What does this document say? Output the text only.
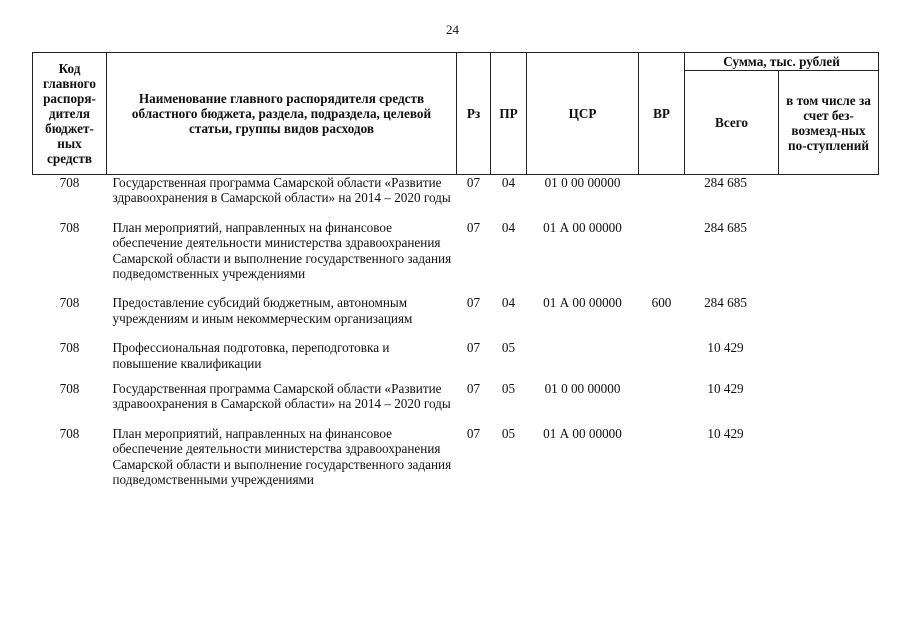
24
Код главного распоря-дителя бюджет-ных средств	Наименование главного распорядителя средств областного бюджета, раздела, подраздела, целевой статьи, группы видов расходов	Рз	ПР	ЦСР	ВР	Сумма, тыс. рублей	
						Всего	в том числе за счет без-возмезд-ных по-ступлений
708	Государственная программа Самарской области «Развитие здравоохранения в Самарской области» на 2014 – 2020 годы	07	04	01 0 00 00000		284 685	
708	План мероприятий, направленных на финансовое обеспечение деятельности министерства здравоохранения Самарской области и выполнение государственного задания подведомственных учреждениями	07	04	01 А 00 00000		284 685	
708	Предоставление субсидий бюджетным, автономным учреждениям и иным некоммерческим организациям	07	04	01 А 00 00000	600	284 685	
708	Профессиональная подготовка, переподготовка и повышение квалификации	07	05			10 429	
708	Государственная программа Самарской области «Развитие здравоохранения в Самарской области» на 2014 – 2020 годы	07	05	01 0 00 00000		10 429	
708	План мероприятий, направленных на финансовое обеспечение деятельности министерства здравоохранения Самарской области и выполнение государственного задания подведомственными учреждениями	07	05	01 А 00 00000		10 429	
